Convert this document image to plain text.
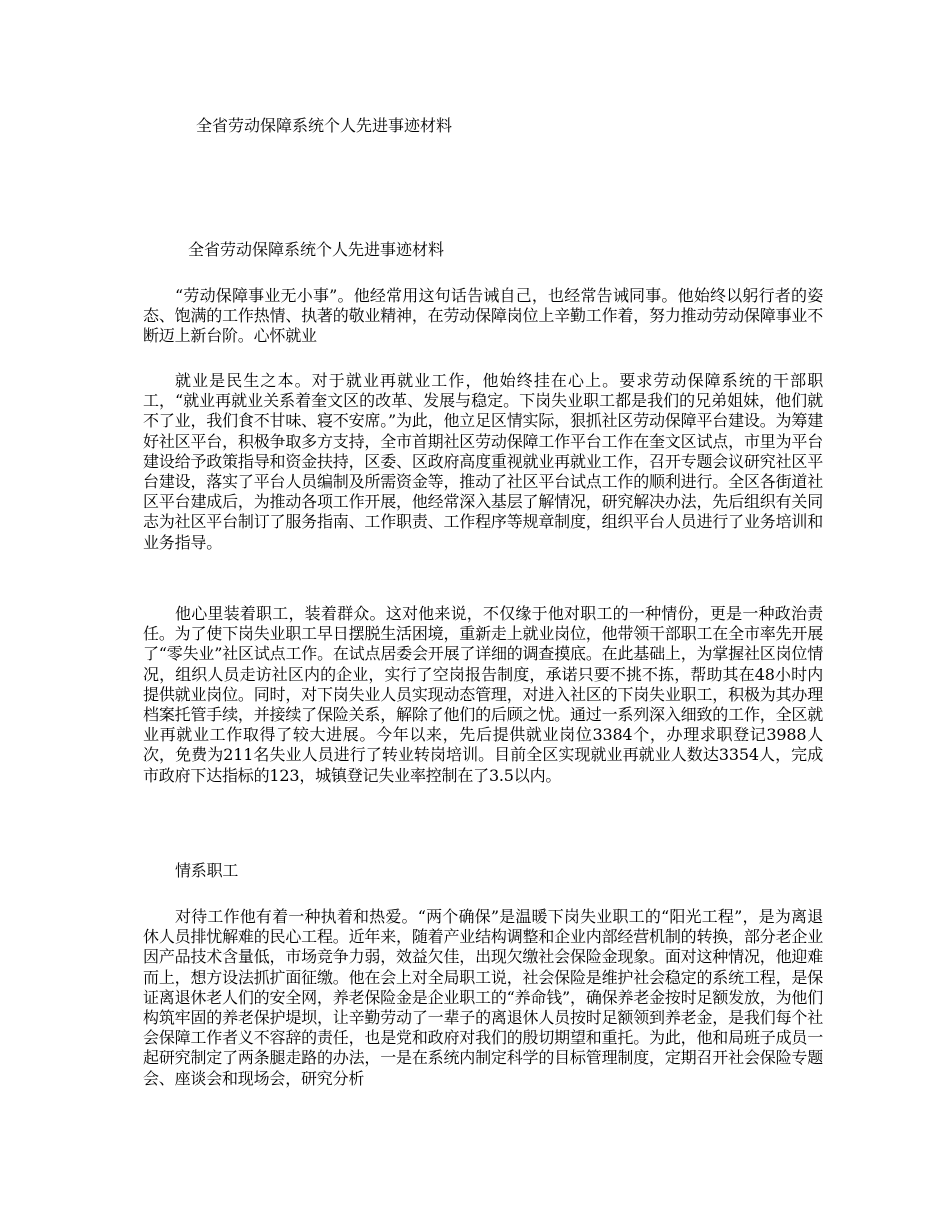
全省劳动保障系统个人先进事迹材料
全省劳动保障系统个人先进事迹材料

“劳动保障事业无小事”。他经常用这句话告诫自己，也经常告诫同事。他始终以躬行者的姿态、饱满的工作热情、执著的敬业精神，在劳动保障岗位上辛勤工作着，努力推动劳动保障事业不断迈上新台阶。心怀就业

就业是民生之本。对于就业再就业工作，他始终挂在心上。要求劳动保障系统的干部职工，“就业再就业关系着奎文区的改革、发展与稳定。下岗失业职工都是我们的兄弟姐妹，他们就不了业，我们食不甘味、寝不安席。”为此，他立足区情实际，狠抓社区劳动保障平台建设。为筹建好社区平台，积极争取多方支持，全市首期社区劳动保障工作平台工作在奎文区试点，市里为平台建设给予政策指导和资金扶持，区委、区政府高度重视就业再就业工作，召开专题会议研究社区平台建设，落实了平台人员编制及所需资金等，推动了社区平台试点工作的顺利进行。全区各街道社区平台建成后，为推动各项工作开展，他经常深入基层了解情况，研究解决办法，先后组织有关同志为社区平台制订了服务指南、工作职责、工作程序等规章制度，组织平台人员进行了业务培训和业务指导。

他心里装着职工，装着群众。这对他来说，不仅缘于他对职工的一种情份，更是一种政治责任。为了使下岗失业职工早日摆脱生活困境，重新走上就业岗位，他带领干部职工在全市率先开展了“零失业”社区试点工作。在试点居委会开展了详细的调查摸底。在此基础上，为掌握社区岗位情况，组织人员走访社区内的企业，实行了空岗报告制度，承诺只要不挑不拣，帮助其在48小时内提供就业岗位。同时，对下岗失业人员实现动态管理，对进入社区的下岗失业职工，积极为其办理档案托管手续，并接续了保险关系，解除了他们的后顾之忧。通过一系列深入细致的工作，全区就业再就业工作取得了较大进展。今年以来，先后提供就业岗位3384个，办理求职登记3988人次，免费为211名失业人员进行了转业转岗培训。目前全区实现就业再就业人数达3354人，完成市政府下达指标的123，城镇登记失业率控制在了3.5以内。

情系职工

对待工作他有着一种执着和热爱。“两个确保”是温暖下岗失业职工的“阳光工程”，是为离退休人员排忧解难的民心工程。近年来，随着产业结构调整和企业内部经营机制的转换，部分老企业因产品技术含量低，市场竞争力弱，效益欠佳，出现欠缴社会保险金现象。面对这种情况，他迎难而上，想方设法抓扩面征缴。他在会上对全局职工说，社会保险是维护社会稳定的系统工程，是保证离退休老人们的安全网，养老保险金是企业职工的“养命钱”，确保养老金按时足额发放，为他们构筑牢固的养老保护堤坝，让辛勤劳动了一辈子的离退休人员按时足额领到养老金，是我们每个社会保障工作者义不容辞的责任，也是党和政府对我们的殷切期望和重托。为此，他和局班子成员一起研究制定了两条腿走路的办法，一是在系统内制定科学的目标管理制度，定期召开社会保险专题会、座谈会和现场会，研究分析
